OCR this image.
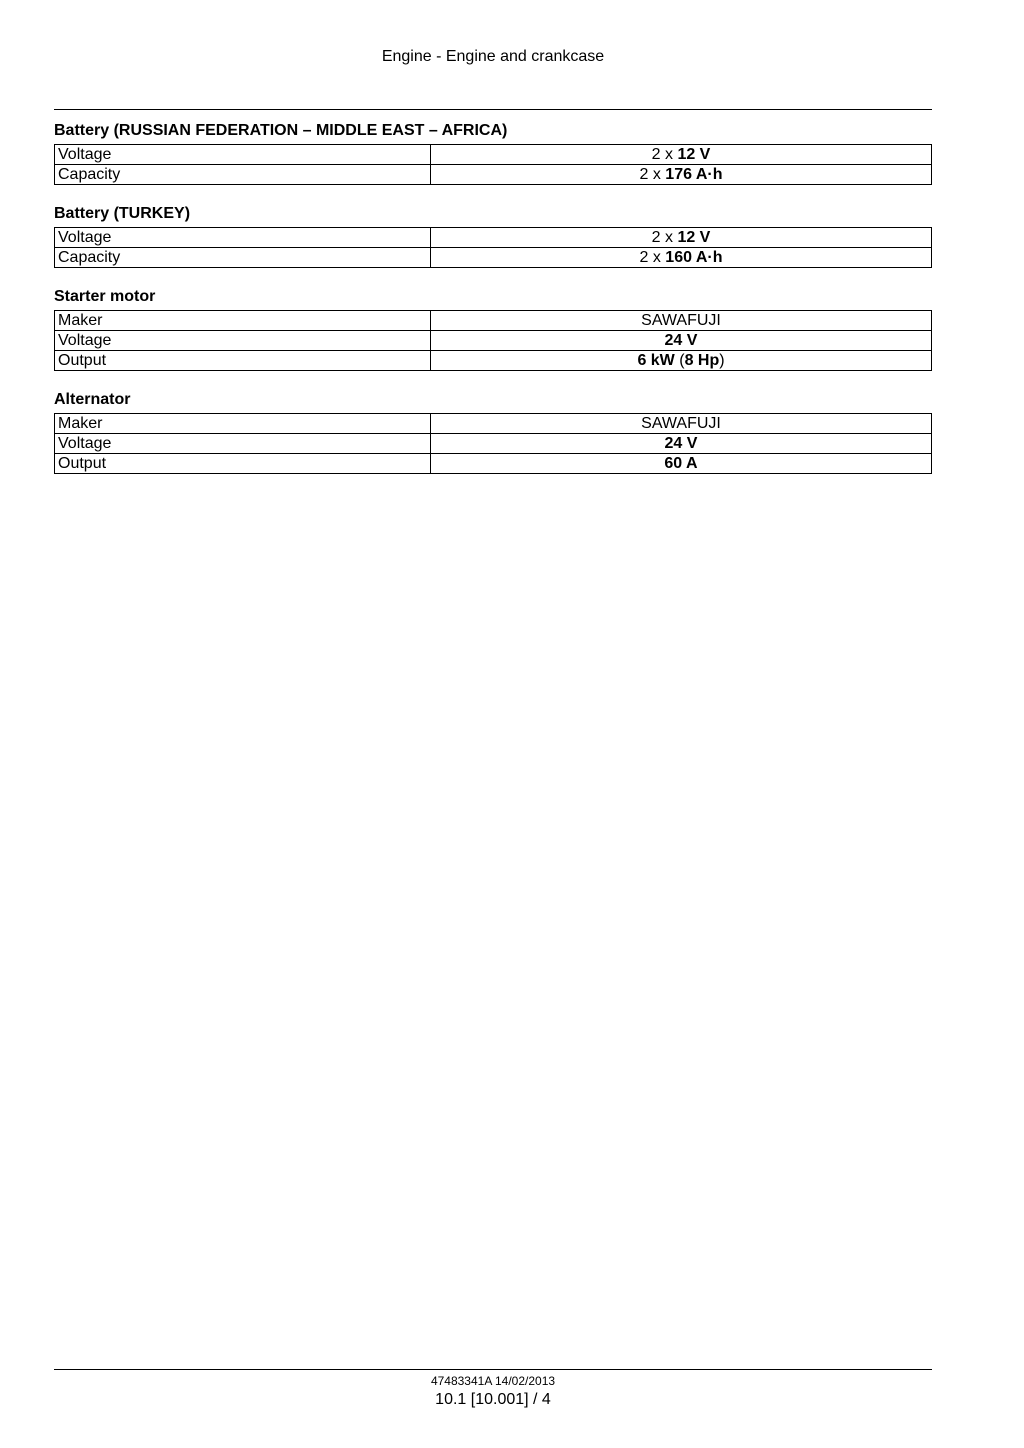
Engine - Engine and crankcase
Battery (RUSSIAN FEDERATION – MIDDLE EAST – AFRICA)
Voltage	2 x 12 V
Capacity	2 x 176 A·h
Battery (TURKEY)
Voltage	2 x 12 V
Capacity	2 x 160 A·h
Starter motor
Maker	SAWAFUJI
Voltage	24 V
Output	6 kW (8 Hp)
Alternator
Maker	SAWAFUJI
Voltage	24 V
Output	60 A
47483341A 14/02/2013
10.1 [10.001] / 4
